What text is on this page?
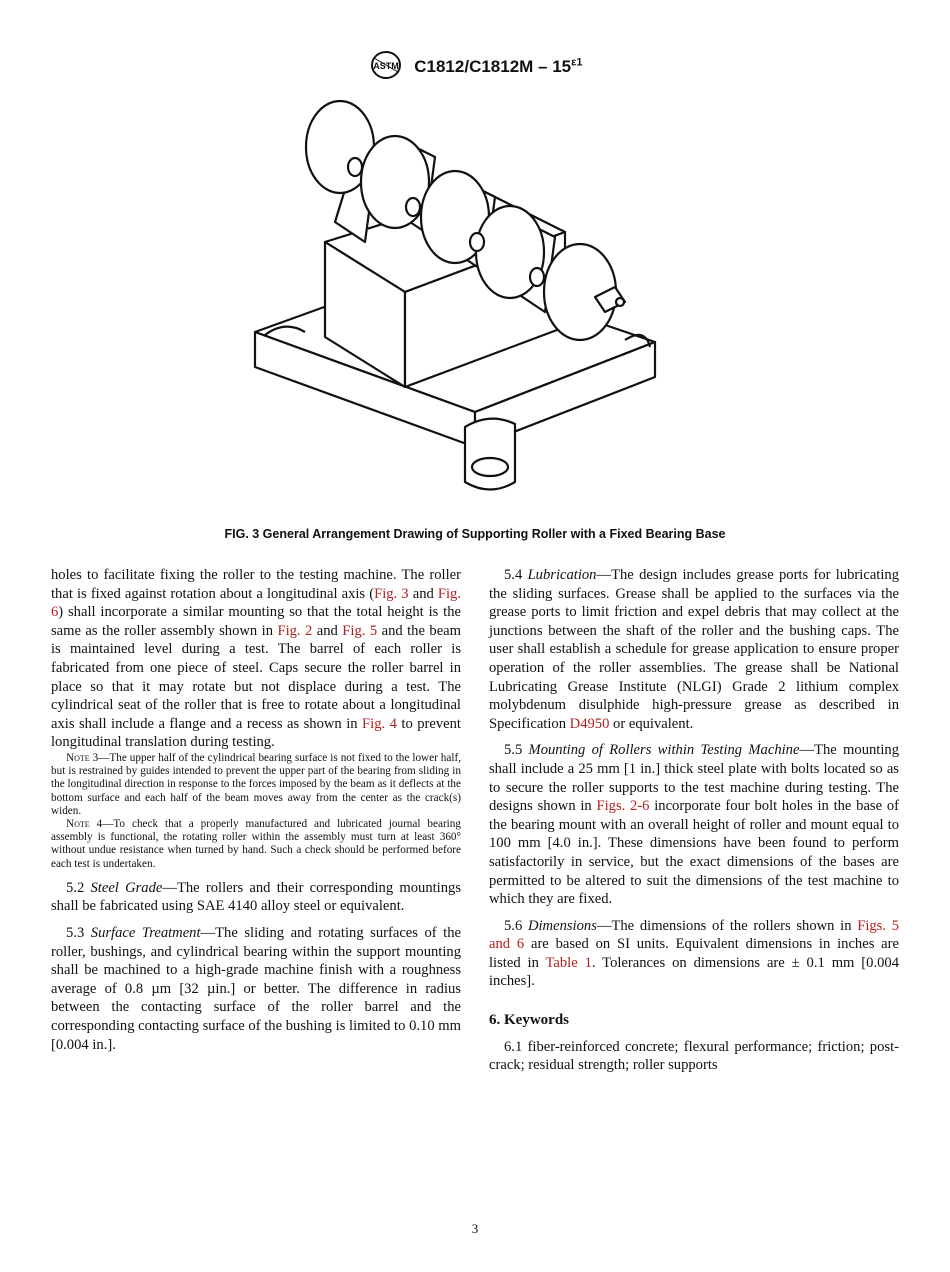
ASTM $C1812/C1812M - 15^{\varepsilon 1}$
FIG. 3 General Arrangement Drawing of Supporting Roller with a Fixed Bearing Base

holes to facilitate fixing the roller to the testing machine. The roller that is fixed against rotation about a longitudinal axis (Fig. 3 and Fig. 6) shall incorporate a similar mounting so that the total height is the same as the roller assembly shown in Fig. 2 and Fig. 5 and the beam is maintained level during a test. The barrel of each roller is fabricated from one piece of steel. Caps secure the roller barrel in place so that it may rotate but not displace during a test. The cylindrical seat of the roller that is free to rotate about a longitudinal axis shall include a flange and a recess as shown in Fig. 4 to prevent longitudinal translation during testing.

Note 3—The upper half of the cylindrical bearing surface is not fixed to the lower half, but is restrained by guides intended to prevent the upper part of the bearing from sliding in the longitudinal direction in response to the forces imposed by the beam as it deflects at the bottom surface and each half of the beam moves away from the center as the crack(s) widen.

Note 4—To check that a properly manufactured and lubricated journal bearing assembly is functional, the rotating roller within the assembly must turn at least 360° without undue resistance when turned by hand. Such a check should be performed before each test is undertaken.

5.2 Steel Grade—The rollers and their corresponding mountings shall be fabricated using SAE 4140 alloy steel or equivalent.

5.3 Surface Treatment—The sliding and rotating surfaces of the roller, bushings, and cylindrical bearing within the support mounting shall be machined to a high-grade machine finish with a roughness average of 0.8 µm [32 µin.] or better. The difference in radius between the contacting surface of the roller barrel and the corresponding contacting surface of the bushing is limited to 0.10 mm [0.004 in.].

5.4 Lubrication—The design includes grease ports for lubricating the sliding surfaces. Grease shall be applied to the surfaces via the grease ports to limit friction and expel debris that may collect at the junctions between the shaft of the roller and the bushing caps. The user shall establish a schedule for grease application to ensure proper operation of the roller assemblies. The grease shall be National Lubricating Grease Institute (NLGI) Grade 2 lithium complex molybdenum disulphide high-pressure grease as described in Specification D4950 or equivalent.

5.5 Mounting of Rollers within Testing Machine—The mounting shall include a 25 mm [1 in.] thick steel plate with bolts located so as to secure the roller supports to the test machine during testing. The designs shown in Figs. 2-6 incorporate four bolt holes in the base of the bearing mount with an overall height of roller and mount equal to 100 mm [4.0 in.]. These dimensions have been found to perform satisfactorily in service, but the exact dimensions of the bases are permitted to be altered to suit the dimensions of the test machine to which they are fixed.

5.6 Dimensions—The dimensions of the rollers shown in Figs. 5 and 6 are based on SI units. Equivalent dimensions in inches are listed in Table 1. Tolerances on dimensions are ± 0.1 mm [0.004 inches].

6. Keywords

6.1 fiber-reinforced concrete; flexural performance; friction; post-crack; residual strength; roller supports

3
